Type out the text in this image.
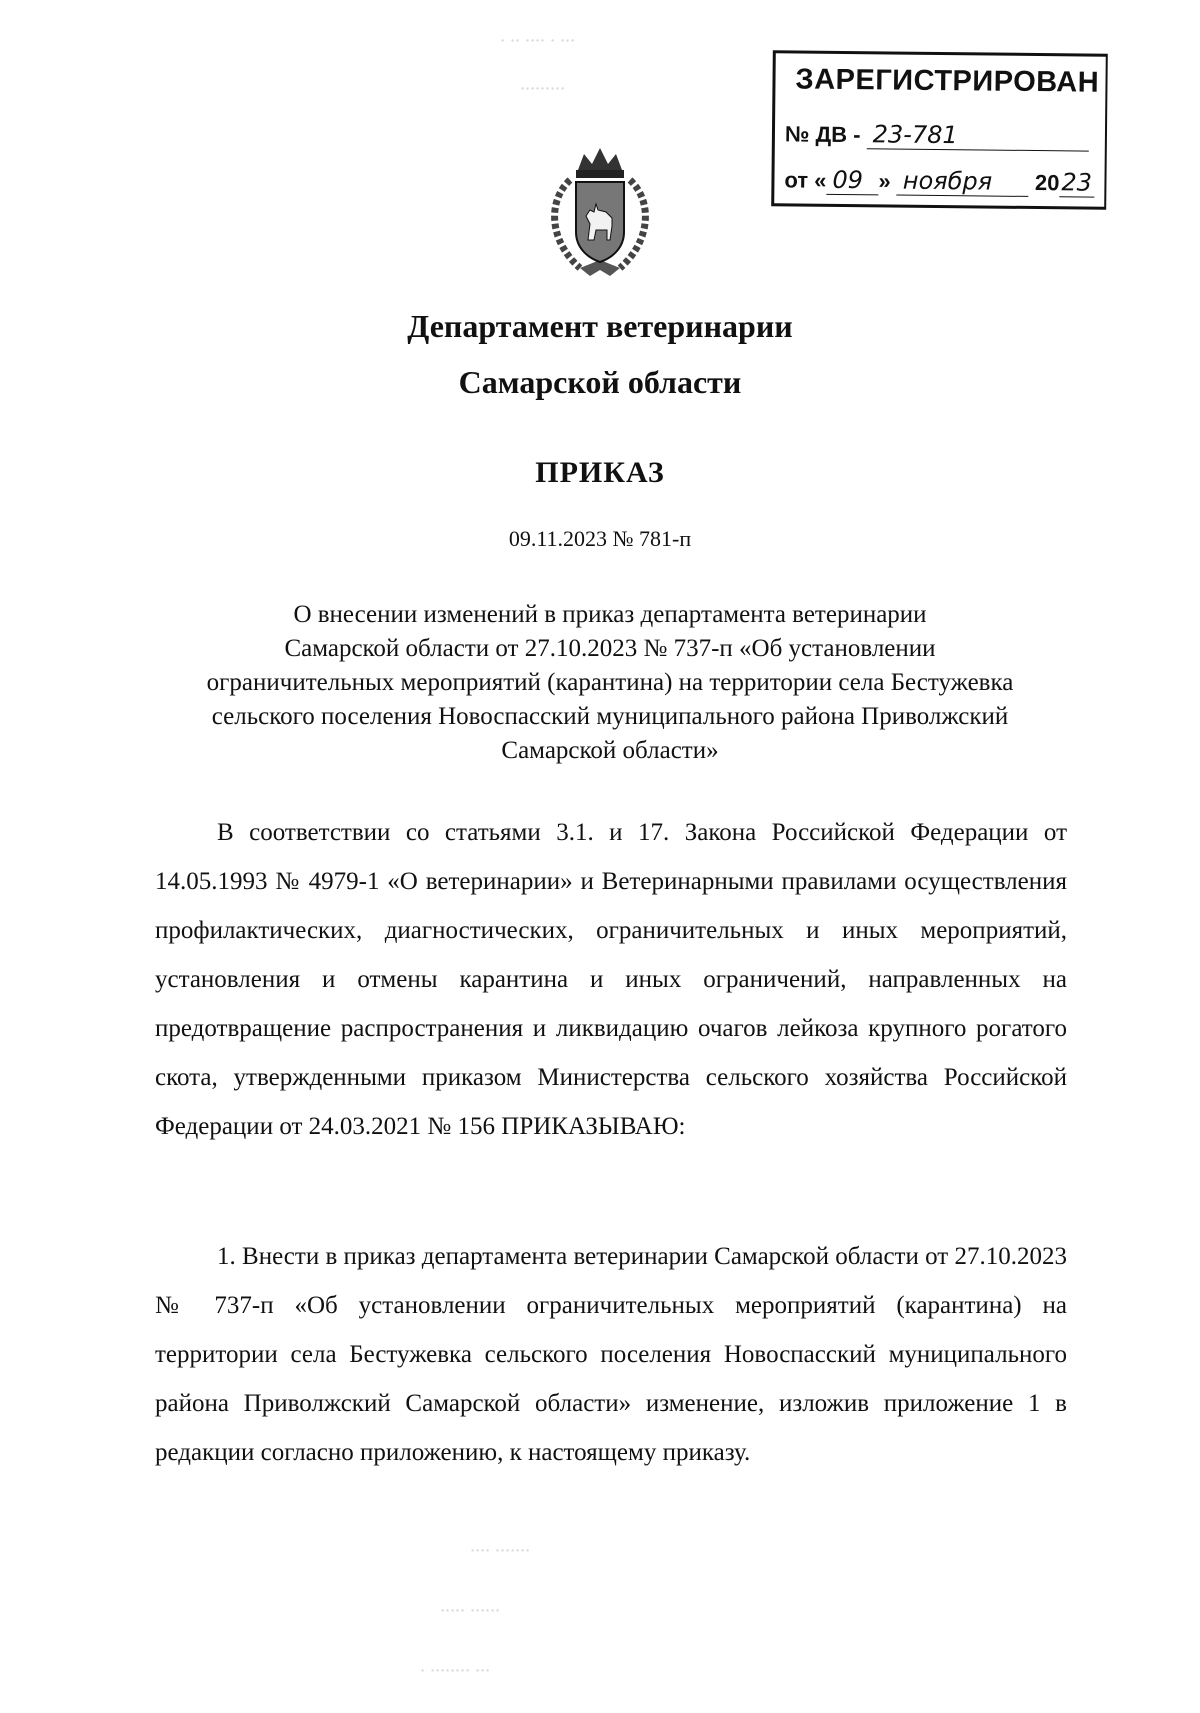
∙ ∙∙ ∙∙∙∙ ∙ ∙∙∙
∙∙∙∙∙∙∙∙∙	ЗАРЕГИСТРИРОВАН
№ ДВ - 23-781
от « 09 » ноября 2023
Департамент ветеринарии
Самарской области
ПРИКАЗ
09.11.2023 № 781-п
О внесении изменений в приказ департамента ветеринарии
Самарской области от 27.10.2023 № 737-п «Об установлении
ограничительных мероприятий (карантина) на территории села Бестужевка
сельского поселения Новоспасский муниципального района Приволжский
Самарской области»
В соответствии со статьями 3.1. и 17. Закона Российской Федерации от 14.05.1993 № 4979-1 «О ветеринарии» и Ветеринарными правилами осуществления профилактических, диагностических, ограничительных и иных мероприятий, установления и отмены карантина и иных ограничений, направленных на предотвращение распространения и ликвидацию очагов лейкоза крупного рогатого скота, утвержденными приказом Министерства сельского хозяйства Российской Федерации от 24.03.2021 № 156 ПРИКАЗЫВАЮ:
1. Внести в приказ департамента ветеринарии Самарской области от 27.10.2023 № 737-п «Об установлении ограничительных мероприятий (карантина) на территории села Бестужевка сельского поселения Новоспасский муниципального района Приволжский Самарской области» изменение, изложив приложение 1 в редакции согласно приложению, к настоящему приказу.
∙∙∙∙ ∙∙∙∙∙∙∙
∙∙∙∙∙ ∙∙∙∙∙∙
∙ ∙∙∙∙∙∙∙∙ ∙∙∙
